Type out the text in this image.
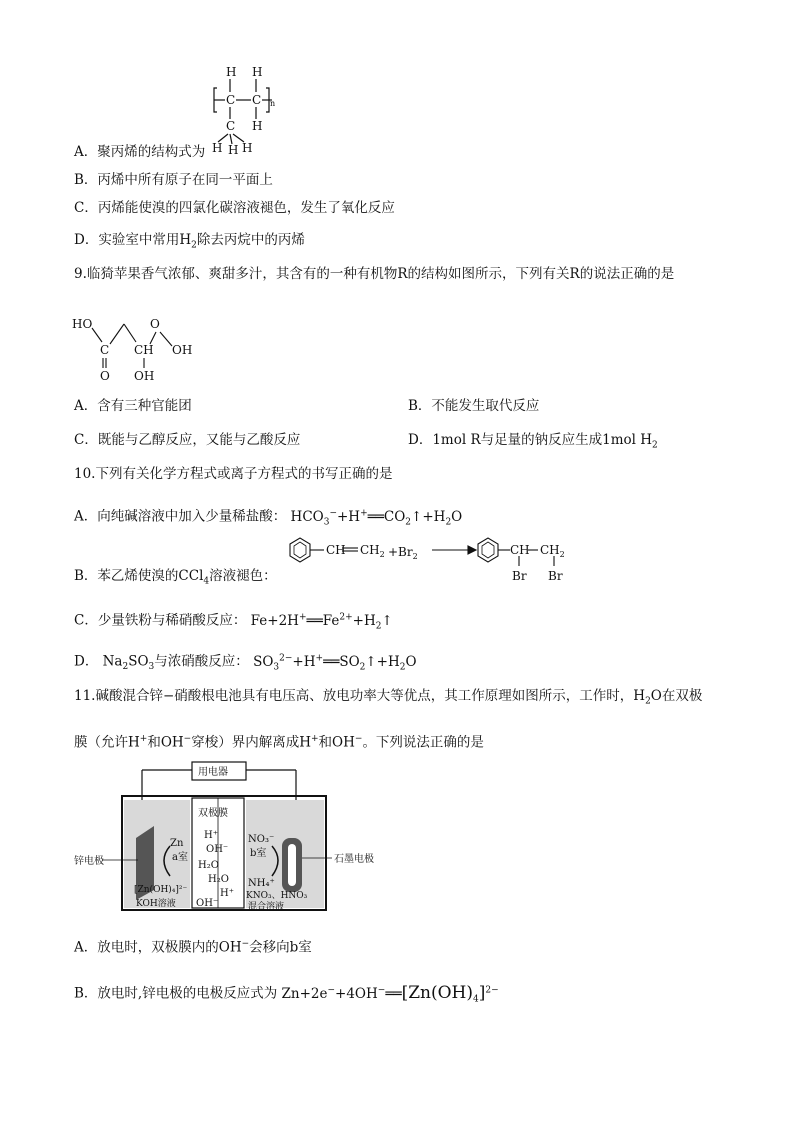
H H
C C
C H
H H H
n
A．聚丙烯的结构式为
B．丙烯中所有原子在同一平面上
C．丙烯能使溴的四氯化碳溶液褪色，发生了氧化反应
D．实验室中常用$H_2$除去丙烷中的丙烯
9.临猗苹果香气浓郁、爽甜多汁，其含有的一种有机物R的结构如图所示，下列有关R的说法正确的是
HO	O
C CH OH
O OH
A．含有三种官能团	B．不能发生取代反应
C．既能与乙醇反应，又能与乙酸反应	D．1mol R与足量的钠反应生成1mol $H_2$
10.下列有关化学方程式或离子方程式的书写正确的是
A．向纯碱溶液中加入少量稀盐酸： $HCO_3^-+H^+══CO_2↑+H_2O$
B．苯乙烯使溴的CCl$_4$溶液褪色：
CH $CH_2 +Br_2$	CH $CH_2$
Br Br
C．少量铁粉与稀硝酸反应： $Fe+2H^+══Fe^{2+}+H_2↑$
D． $Na_2SO_3$与浓硝酸反应： $SO_3^{2-}+H^+══SO_2↑+H_2O$
11.碱酸混合锌−硝酸根电池具有电压高、放电功率大等优点，其工作原理如图所示，工作时，$H_2O$在双极
膜（允许H+和OH−穿梭）界内解离成H+和OH−。下列说法正确的是
用电器
双极膜
H⁺
OH⁻
H₂O
H₂O
H⁺
OH⁻
Zn
a室
NO₃⁻
b室
NH₄⁺
[Zn(OH)₄]²⁻
KOH溶液
KNO₃、HNO₃
混合溶液
锌电极	石墨电极
A．放电时，双极膜内的OH−会移向b室
B．放电时,锌电极的电极反应式为 $Zn+2e^-+4OH^-══[Zn(OH)_4]^{2-}$
